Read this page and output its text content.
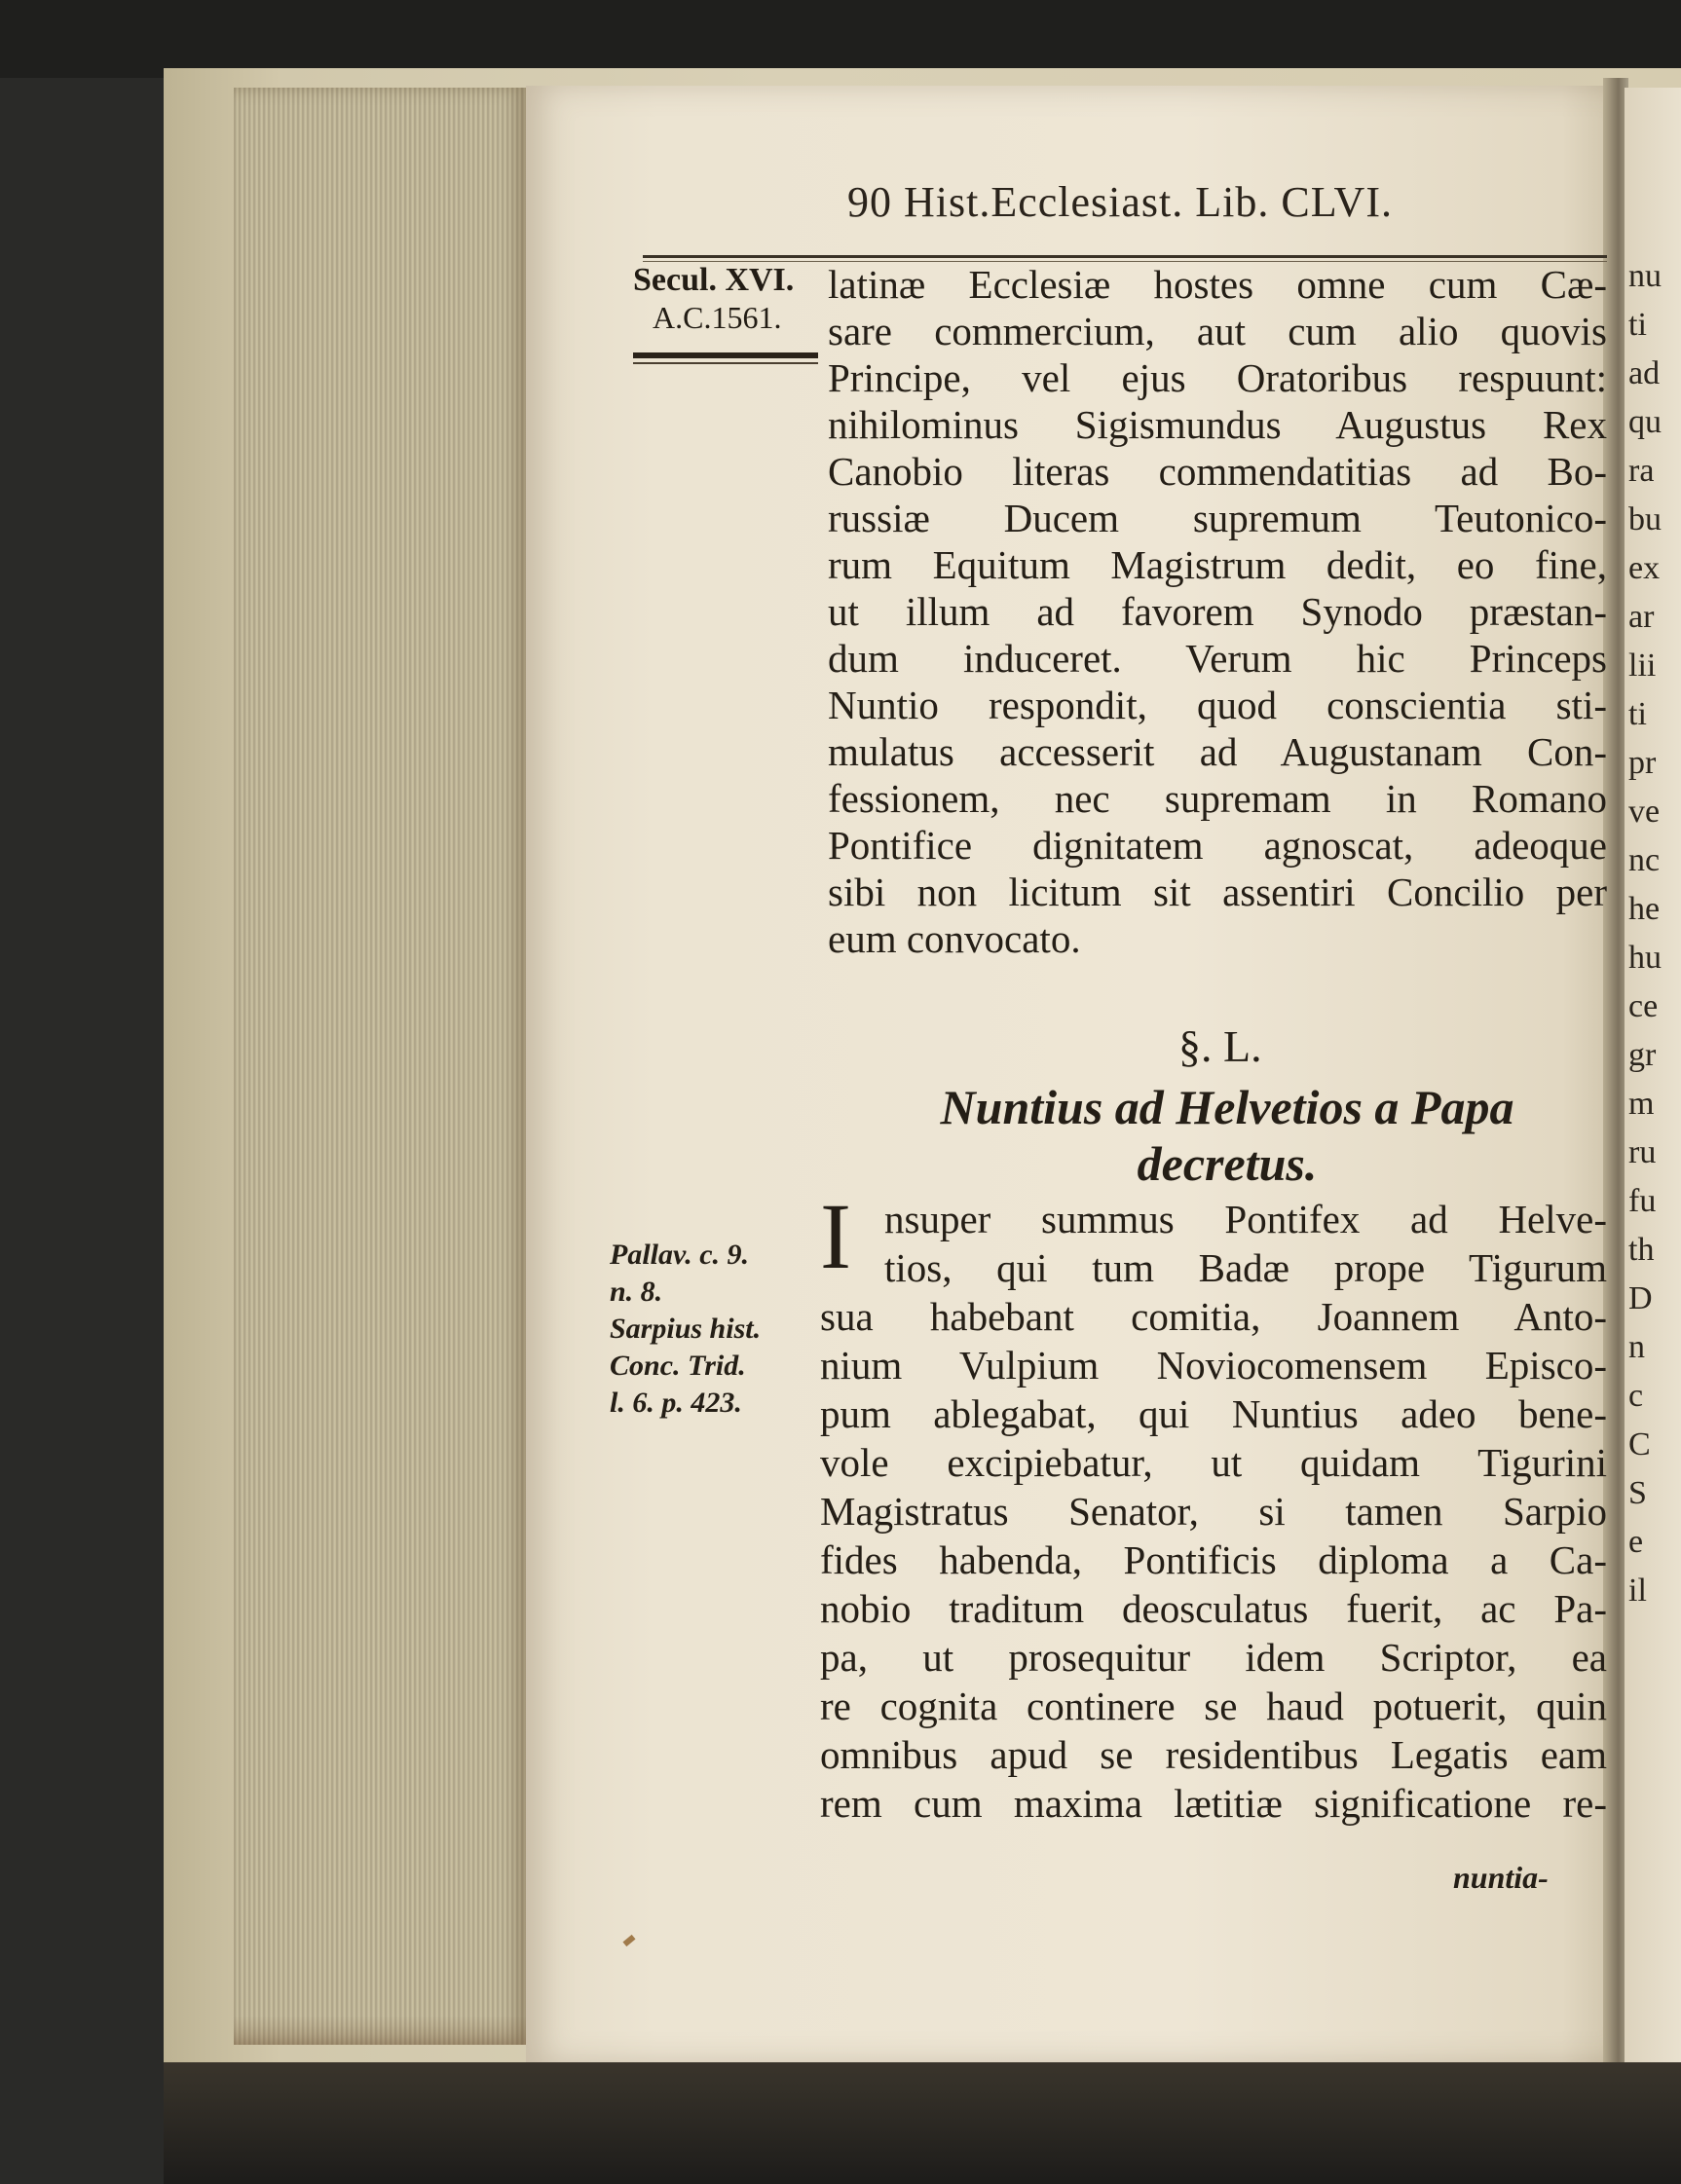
nu
ti
ad
qu
ra
bu
ex
ar
lii
ti
pr
ve
nc
he
hu
ce
gr
m
ru
fu
th
D
n
c
C
S
e
il
90 Hist.Ecclesiast. Lib. CLVI.
Secul. XVI.
A.C.1561.
latinæ Ecclesiæ hostes omne cum Cæ-
sare commercium, aut cum alio quovis
Principe, vel ejus Oratoribus respuunt:
nihilominus Sigismundus Augustus Rex
Canobio literas commendatitias ad Bo-
russiæ Ducem supremum Teutonico-
rum Equitum Magistrum dedit, eo fine,
ut illum ad favorem Synodo præstan-
dum induceret. Verum hic Princeps
Nuntio respondit, quod conscientia sti-
mulatus accesserit ad Augustanam Con-
fessionem, nec supremam in Romano
Pontifice dignitatem agnoscat, adeoque
sibi non licitum sit assentiri Concilio per
eum convocato.
§. L.
Nuntius ad Helvetios a Papa
decretus.
I nsuper summus Pontifex ad Helve-
tios, qui tum Badæ prope Tigurum
sua habebant comitia, Joannem Anto-
nium Vulpium Noviocomensem Episco-
pum ablegabat, qui Nuntius adeo bene-
vole excipiebatur, ut quidam Tigurini
Magistratus Senator, si tamen Sarpio
fides habenda, Pontificis diploma a Ca-
nobio traditum deosculatus fuerit, ac Pa-
pa, ut prosequitur idem Scriptor, ea
re cognita continere se haud potuerit, quin
omnibus apud se residentibus Legatis eam
rem cum maxima lætitiæ significatione re-
Pallav. c. 9.
n. 8.
Sarpius hist.
Conc. Trid.
l. 6. p. 423.
nuntia-
